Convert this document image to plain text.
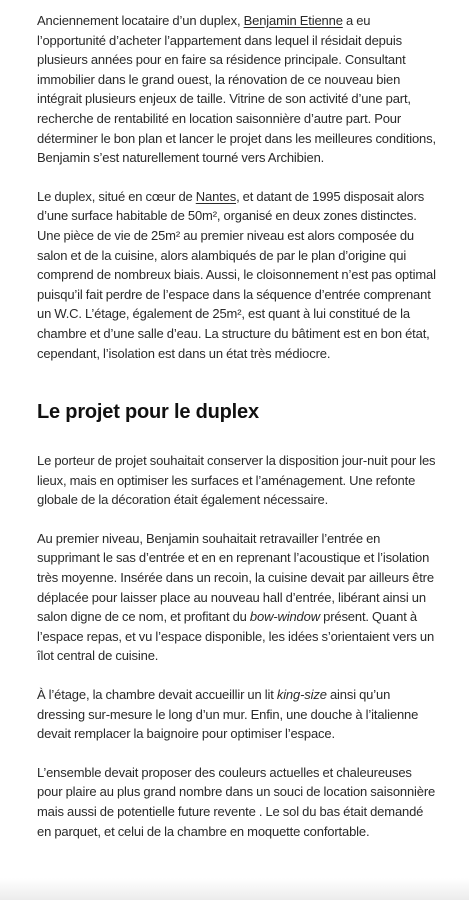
Anciennement locataire d’un duplex, Benjamin Etienne a eu l’opportunité d’acheter l’appartement dans lequel il résidait depuis plusieurs années pour en faire sa résidence principale. Consultant immobilier dans le grand ouest, la rénovation de ce nouveau bien intégrait plusieurs enjeux de taille. Vitrine de son activité d’une part, recherche de rentabilité en location saisonnière d’autre part. Pour déterminer le bon plan et lancer le projet dans les meilleures conditions, Benjamin s’est naturellement tourné vers Archibien.

Le duplex, situé en cœur de Nantes, et datant de 1995 disposait alors d’une surface habitable de 50m², organisé en deux zones distinctes. Une pièce de vie de 25m² au premier niveau est alors composée du salon et de la cuisine, alors alambiqués de par le plan d’origine qui comprend de nombreux biais. Aussi, le cloisonnement n’est pas optimal puisqu’il fait perdre de l’espace dans la séquence d’entrée comprenant un W.C. L’étage, également de 25m², est quant à lui constitué de la chambre et d’une salle d’eau. La structure du bâtiment est en bon état, cependant, l’isolation est dans un état très médiocre.

Le projet pour le duplex

Le porteur de projet souhaitait conserver la disposition jour-nuit pour les lieux, mais en optimiser les surfaces et l’aménagement. Une refonte globale de la décoration était également nécessaire.

Au premier niveau, Benjamin souhaitait retravailler l’entrée en supprimant le sas d’entrée et en en reprenant l’acoustique et l’isolation très moyenne. Insérée dans un recoin, la cuisine devait par ailleurs être déplacée pour laisser place au nouveau hall d’entrée, libérant ainsi un salon digne de ce nom, et profitant du bow-window présent. Quant à l’espace repas, et vu l’espace disponible, les idées s’orientaient vers un îlot central de cuisine.

À l’étage, la chambre devait accueillir un lit king-size ainsi qu’un dressing sur-mesure le long d’un mur. Enfin, une douche à l’italienne devait remplacer la baignoire pour optimiser l’espace.

L’ensemble devait proposer des couleurs actuelles et chaleureuses pour plaire au plus grand nombre dans un souci de location saisonnière mais aussi de potentielle future revente . Le sol du bas était demandé en parquet, et celui de la chambre en moquette confortable.
